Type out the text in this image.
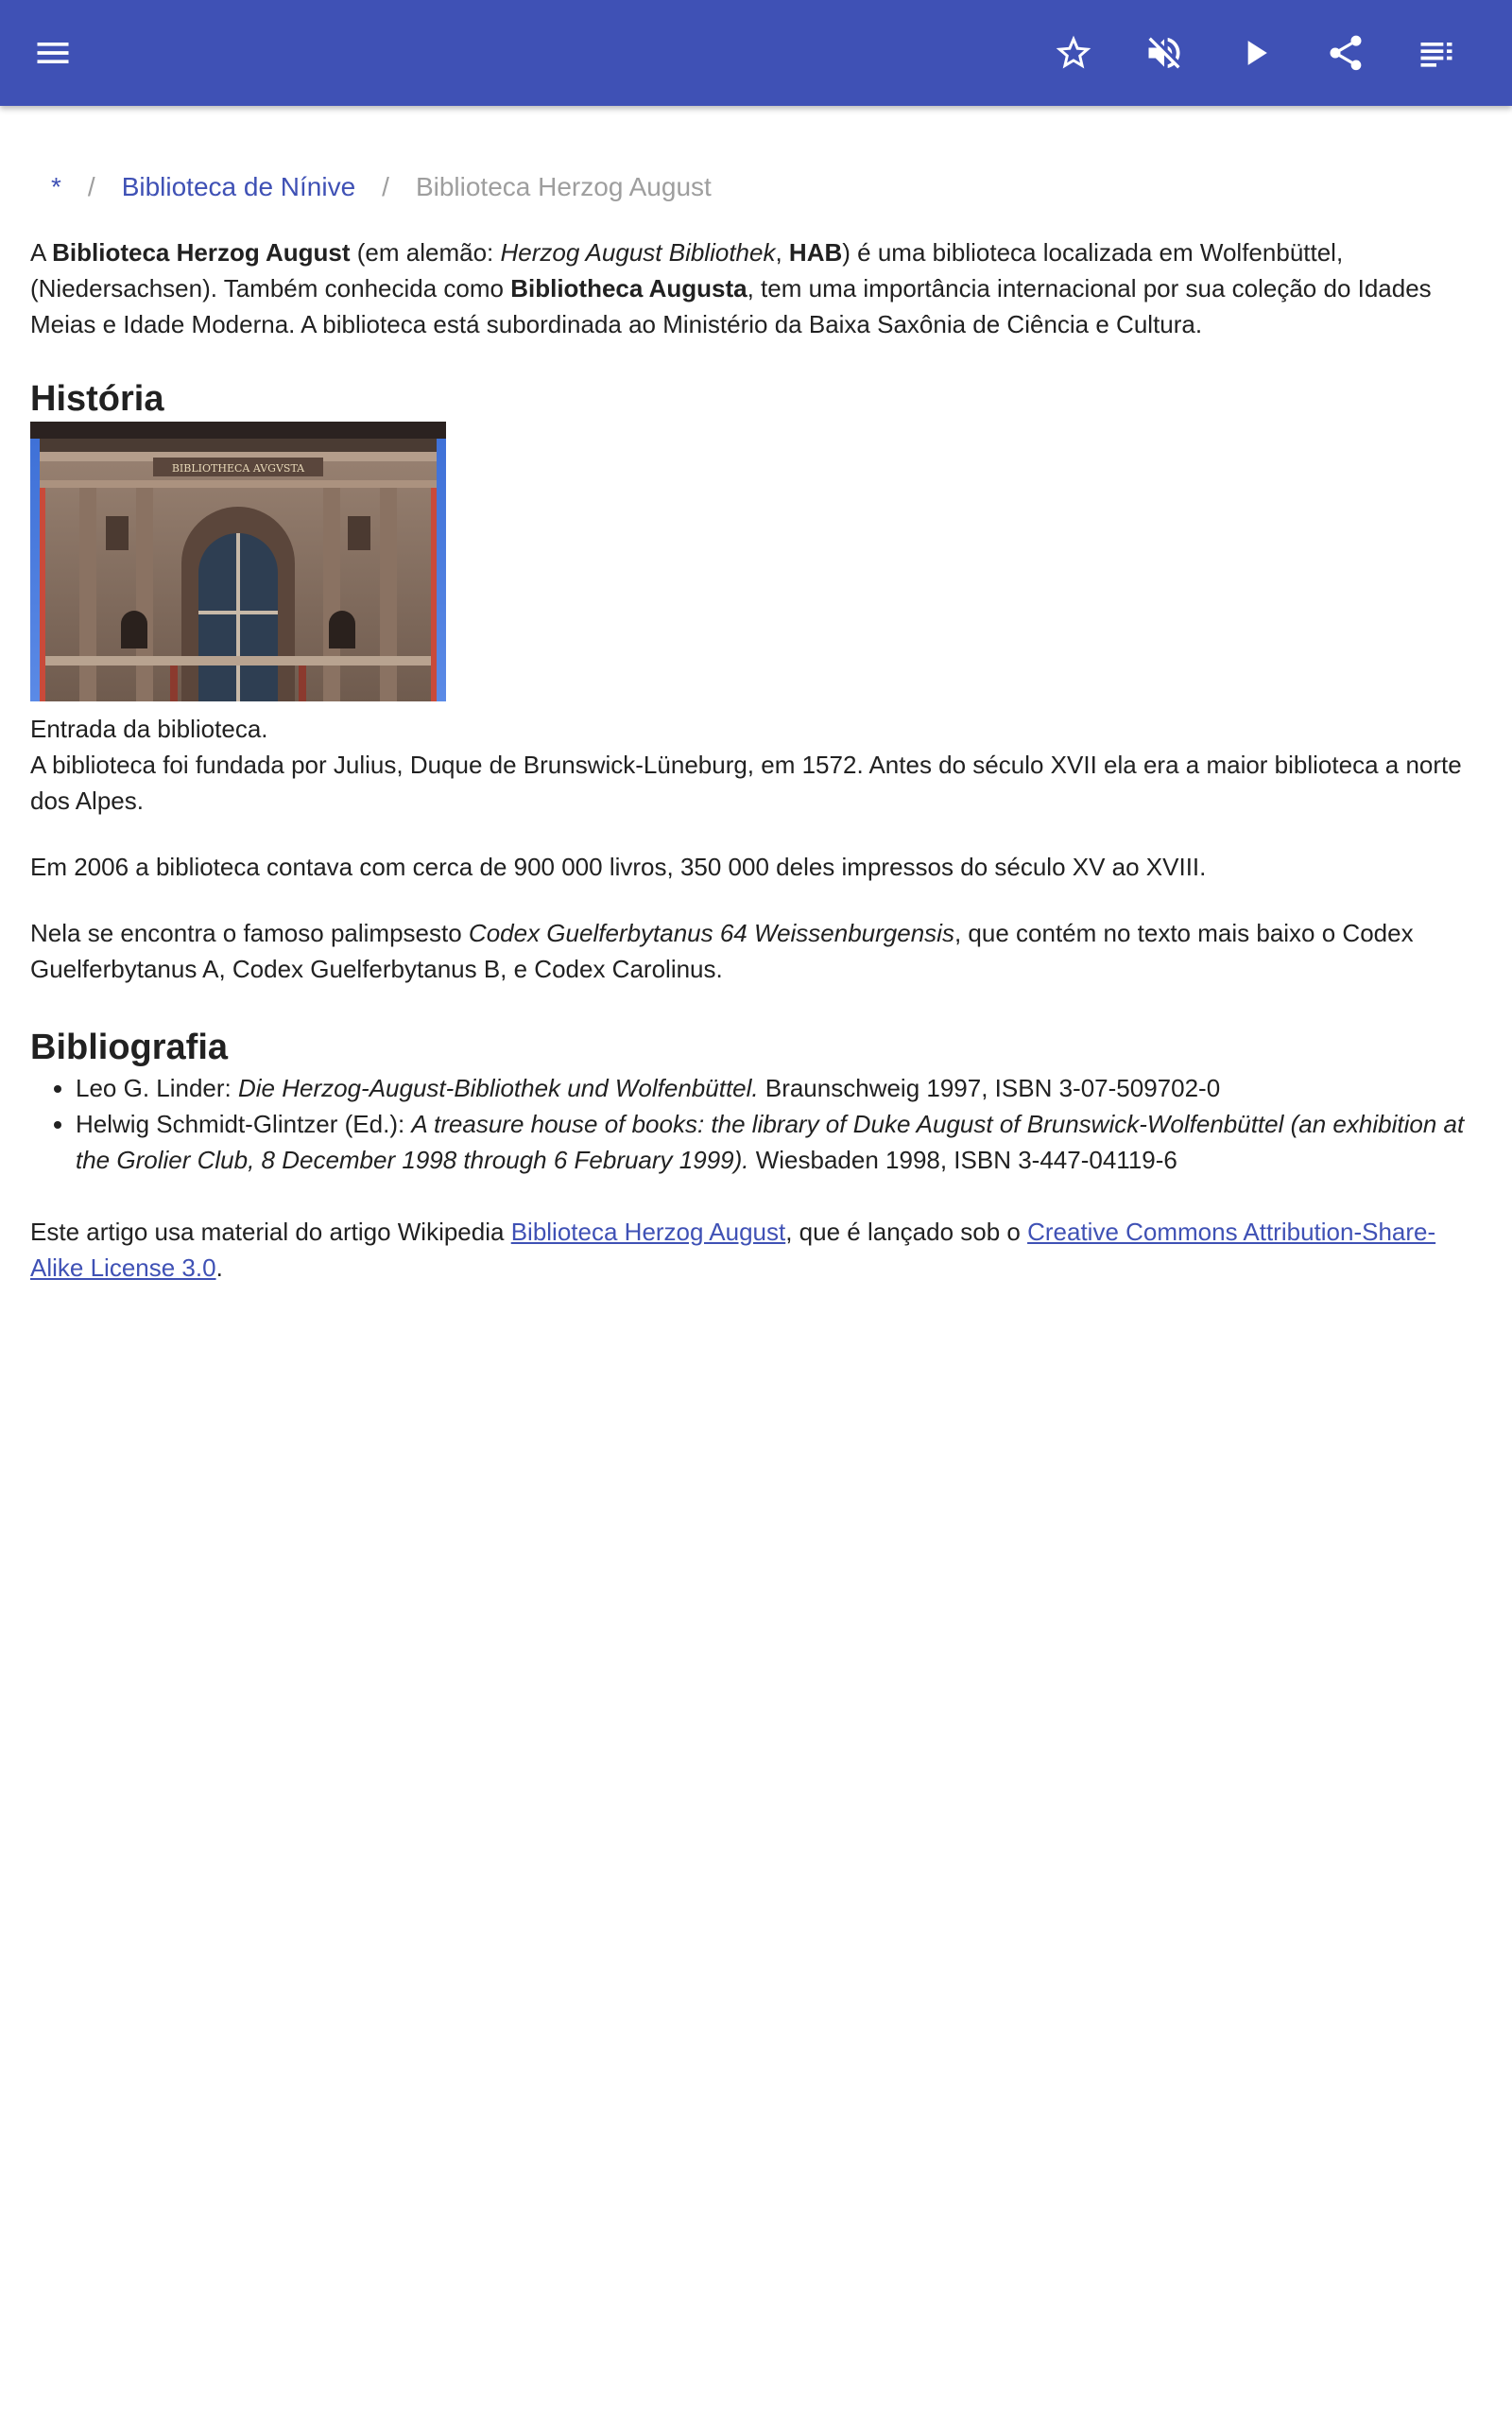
* / Biblioteca de Nínive / Biblioteca Herzog August

A Biblioteca Herzog August (em alemão: Herzog August Bibliothek, HAB) é uma biblioteca localizada em Wolfenbüttel, (Niedersachsen). Também conhecida como Bibliotheca Augusta, tem uma importância internacional por sua coleção do Idades Meias e Idade Moderna. A biblioteca está subordinada ao Ministério da Baixa Saxônia de Ciência e Cultura.

História
BIBLIOTHECA AVGVSTA
Entrada da biblioteca.

A biblioteca foi fundada por Julius, Duque de Brunswick-Lüneburg, em 1572. Antes do século XVII ela era a maior biblioteca a norte dos Alpes.

Em 2006 a biblioteca contava com cerca de 900 000 livros, 350 000 deles impressos do século XV ao XVIII.

Nela se encontra o famoso palimpsesto Codex Guelferbytanus 64 Weissenburgensis, que contém no texto mais baixo o Codex Guelferbytanus A, Codex Guelferbytanus B, e Codex Carolinus.

Bibliografia
• Leo G. Linder: Die Herzog-August-Bibliothek und Wolfenbüttel. Braunschweig 1997, ISBN 3-07-509702-0
• Helwig Schmidt-Glintzer (Ed.): A treasure house of books: the library of Duke August of Brunswick-Wolfenbüttel (an exhibition at the Grolier Club, 8 December 1998 through 6 February 1999). Wiesbaden 1998, ISBN 3-447-04119-6

Este artigo usa material do artigo Wikipedia Biblioteca Herzog August, que é lançado sob o Creative Commons Attribution-Share-Alike License 3.0.
